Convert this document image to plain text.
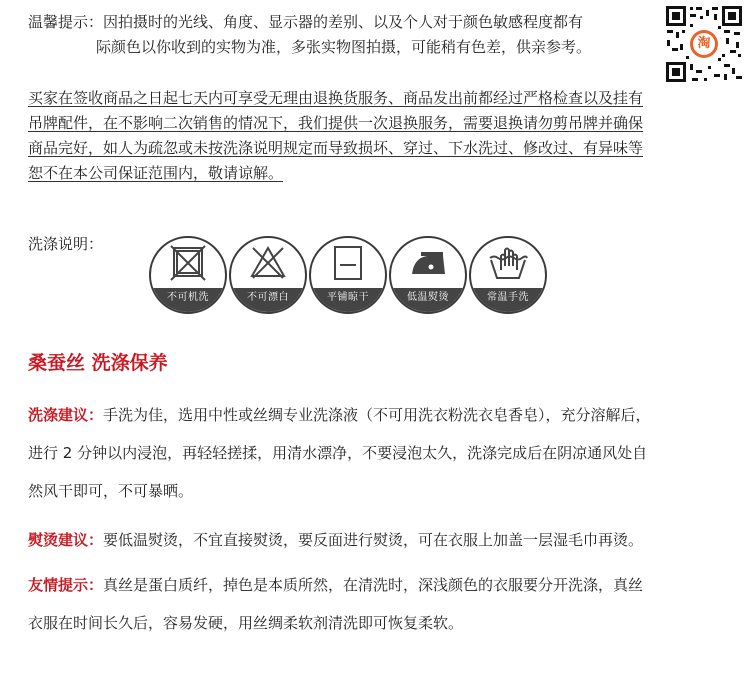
温馨提示：因拍摄时的光线、角度、显示器的差别、以及个人对于颜色敏感程度都有
际颜色以你收到的实物为准，多张实物图拍摄，可能稍有色差，供亲参考。	淘
买家在签收商品之日起七天内可享受无理由退换货服务、商品发出前都经过严格检查以及挂有
吊牌配件，在不影响二次销售的情况下，我们提供一次退换服务，需要退换请勿剪吊牌并确保
商品完好，如人为疏忽或未按洗涤说明规定而导致损坏、穿过、下水洗过、修改过、有异味等
恕不在本公司保证范围内，敬请谅解。
洗涤说明：
不可机洗	不可漂白	平铺晾干	低温熨烫	常温手洗
桑蚕丝 洗涤保养
洗涤建议：手洗为佳，选用中性或丝绸专业洗涤液（不可用洗衣粉洗衣皂香皂），充分溶解后，
进行 2 分钟以内浸泡，再轻轻搓揉，用清水漂净，不要浸泡太久，洗涤完成后在阴凉通风处自
然风干即可，不可暴晒。
熨烫建议：要低温熨烫，不宜直接熨烫，要反面进行熨烫，可在衣服上加盖一层湿毛巾再烫。
友情提示：真丝是蛋白质纤，掉色是本质所然，在清洗时，深浅颜色的衣服要分开洗涤，真丝
衣服在时间长久后，容易发硬，用丝绸柔软剂清洗即可恢复柔软。
